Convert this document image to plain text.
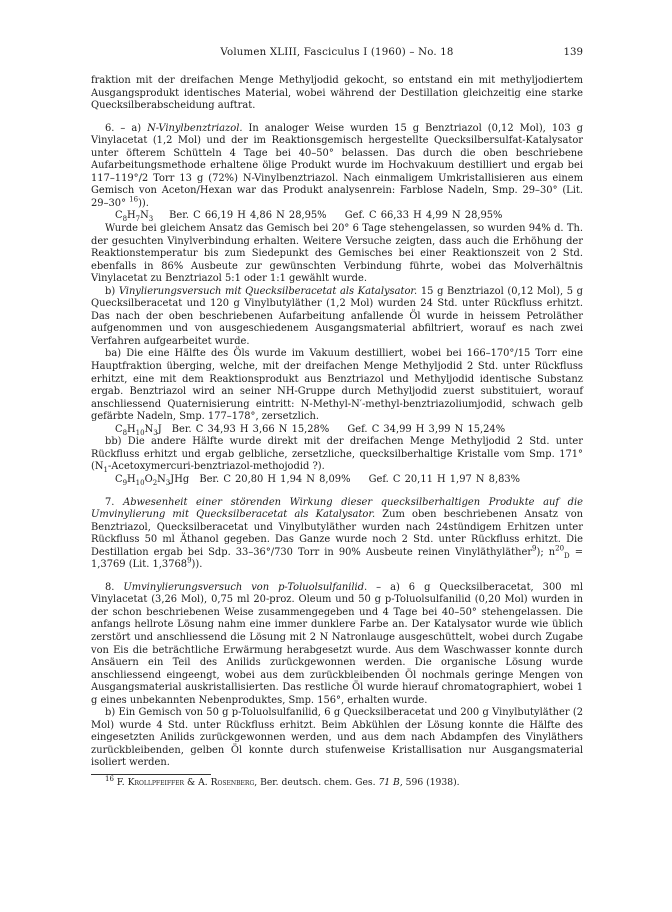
Volumen XLIII, Fasciculus I (1960) – No. 18	139

fraktion mit der dreifachen Menge Methyljodid gekocht, so entstand ein mit methyljodiertem Ausgangsprodukt identisches Material, wobei während der Destillation gleichzeitig eine starke Quecksilberabscheidung auftrat.

6. – a) N-Vinylbenztriazol. In analoger Weise wurden 15 g Benztriazol (0,12 Mol), 103 g Vinylacetat (1,2 Mol) und der im Reaktionsgemisch hergestellte Quecksilbersulfat-Katalysator unter öfterem Schütteln 4 Tage bei 40–50° belassen. Das durch die oben beschriebene Aufarbeitungsmethode erhaltene ölige Produkt wurde im Hochvakuum destilliert und ergab bei 117–119°/2 Torr 13 g (72%) N-Vinylbenztriazol. Nach einmaligem Umkristallisieren aus einem Gemisch von Aceton/Hexan war das Produkt analysenrein: Farblose Nadeln, Smp. 29–30° (Lit. 29–30° $^{16}$)).

$C_8H_7N_3$ Ber. C 66,19 H 4,86 N 28,95% Gef. C 66,33 H 4,99 N 28,95%

Wurde bei gleichem Ansatz das Gemisch bei 20° 6 Tage stehengelassen, so wurden 94% d. Th. der gesuchten Vinylverbindung erhalten. Weitere Versuche zeigten, dass auch die Erhöhung der Reaktionstemperatur bis zum Siedepunkt des Gemisches bei einer Reaktionszeit von 2 Std. ebenfalls in 86% Ausbeute zur gewünschten Verbindung führte, wobei das Molverhältnis Vinylacetat zu Benztriazol 5:1 oder 1:1 gewählt wurde.

b) Vinylierungsversuch mit Quecksilberacetat als Katalysator. 15 g Benztriazol (0,12 Mol), 5 g Quecksilberacetat und 120 g Vinylbutyläther (1,2 Mol) wurden 24 Std. unter Rückfluss erhitzt. Das nach der oben beschriebenen Aufarbeitung anfallende Öl wurde in heissem Petroläther aufgenommen und von ausgeschiedenem Ausgangsmaterial abfiltriert, worauf es nach zwei Verfahren aufgearbeitet wurde.

ba) Die eine Hälfte des Öls wurde im Vakuum destilliert, wobei bei 166–170°/15 Torr eine Hauptfraktion überging, welche, mit der dreifachen Menge Methyljodid 2 Std. unter Rückfluss erhitzt, eine mit dem Reaktionsprodukt aus Benztriazol und Methyljodid identische Substanz ergab. Benztriazol wird an seiner NH-Gruppe durch Methyljodid zuerst substituiert, worauf anschliessend Quaternisierung eintritt: N-Methyl-N′-methyl-benztriazoliumjodid, schwach gelb gefärbte Nadeln, Smp. 177–178°, zersetzlich.

$C_8H_{10}N_3J$ Ber. C 34,93 H 3,66 N 15,28% Gef. C 34,99 H 3,99 N 15,24%

bb) Die andere Hälfte wurde direkt mit der dreifachen Menge Methyljodid 2 Std. unter Rückfluss erhitzt und ergab gelbliche, zersetzliche, quecksilberhaltige Kristalle vom Smp. 171° ($N_1-Acetoxymercuri-benztriazol$-methojodid ?).

$C_9H_{10}O_2N_3JHg$ Ber. C 20,80 H 1,94 N 8,09% Gef. C 20,11 H 1,97 N 8,83%

7. Abwesenheit einer störenden Wirkung dieser quecksilberhaltigen Produkte auf die Umvinylierung mit Quecksilberacetat als Katalysator. Zum oben beschriebenen Ansatz von Benztriazol, Quecksilberacetat und Vinylbutyläther wurden nach 24stündigem Erhitzen unter Rückfluss 50 ml Äthanol gegeben. Das Ganze wurde noch 2 Std. unter Rückfluss erhitzt. Die Destillation ergab bei Sdp. 33–36°/730 Torr in 90% Ausbeute reinen Vinyläthyläther$^9$); $n^{20}_D = 1,3769$ (Lit. 1,3768$^9$)).

8. Umvinylierungsversuch von p-Toluolsulfanilid. – a) 6 g Quecksilberacetat, 300 ml Vinylacetat (3,26 Mol), 0,75 ml 20-proz. Oleum und 50 g p-Toluolsulfanilid (0,20 Mol) wurden in der schon beschriebenen Weise zusammengegeben und 4 Tage bei 40–50° stehengelassen. Die anfangs hellrote Lösung nahm eine immer dunklere Farbe an. Der Katalysator wurde wie üblich zerstört und anschliessend die Lösung mit 2 N Natronlauge ausgeschüttelt, wobei durch Zugabe von Eis die beträchtliche Erwärmung herabgesetzt wurde. Aus dem Waschwasser konnte durch Ansäuern ein Teil des Anilids zurückgewonnen werden. Die organische Lösung wurde anschliessend eingeengt, wobei aus dem zurückbleibenden Öl nochmals geringe Mengen von Ausgangsmaterial auskristallisierten. Das restliche Öl wurde hierauf chromatographiert, wobei 1 g eines unbekannten Nebenproduktes, Smp. 156°, erhalten wurde.

b) Ein Gemisch von 50 g p-Toluolsulfanilid, 6 g Quecksilberacetat und 200 g Vinylbutyläther (2 Mol) wurde 4 Std. unter Rückfluss erhitzt. Beim Abkühlen der Lösung konnte die Hälfte des eingesetzten Anilids zurückgewonnen werden, und aus dem nach Abdampfen des Vinyläthers zurückbleibenden, gelben Öl konnte durch stufenweise Kristallisation nur Ausgangsmaterial isoliert werden.

$^{16}$ F. Krollpfeiffer & A. Rosenberg, Ber. deutsch. chem. Ges. 71 B, 596 (1938).
